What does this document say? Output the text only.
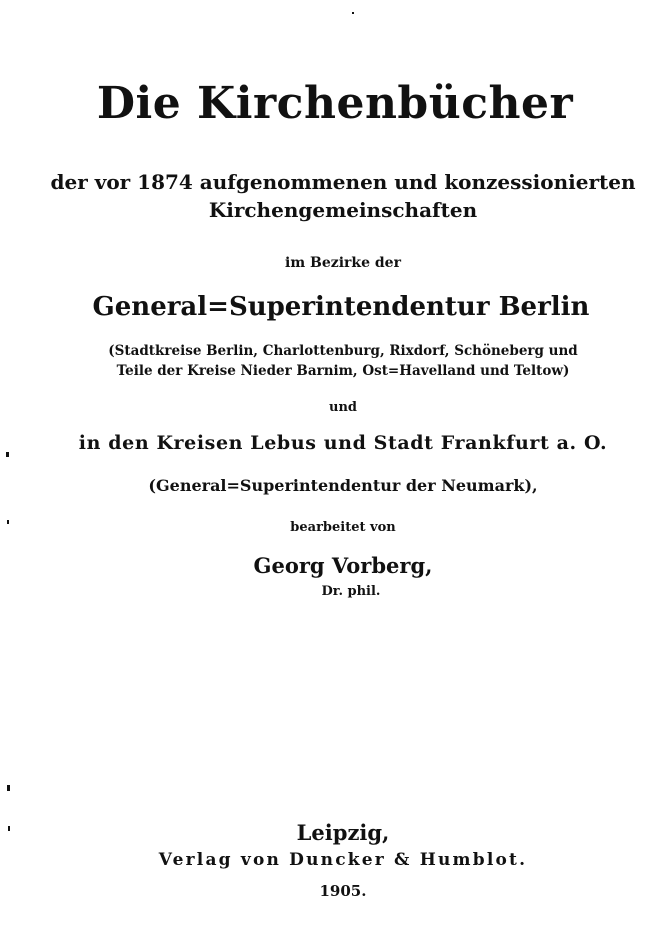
Die Kirchenbücher
der vor 1874 aufgenommenen und konzessionierten
Kirchengemeinschaften
im Bezirke der
General=Superintendentur Berlin
(Stadtkreise Berlin, Charlottenburg, Rixdorf, Schöneberg und
Teile der Kreise Nieder Barnim, Ost=Havelland und Teltow)
und
in den Kreisen Lebus und Stadt Frankfurt a. O.
(General=Superintendentur der Neumark),
bearbeitet von
Georg Vorberg,
Dr. phil.
Leipzig,
Verlag von Duncker & Humblot.
1905.
